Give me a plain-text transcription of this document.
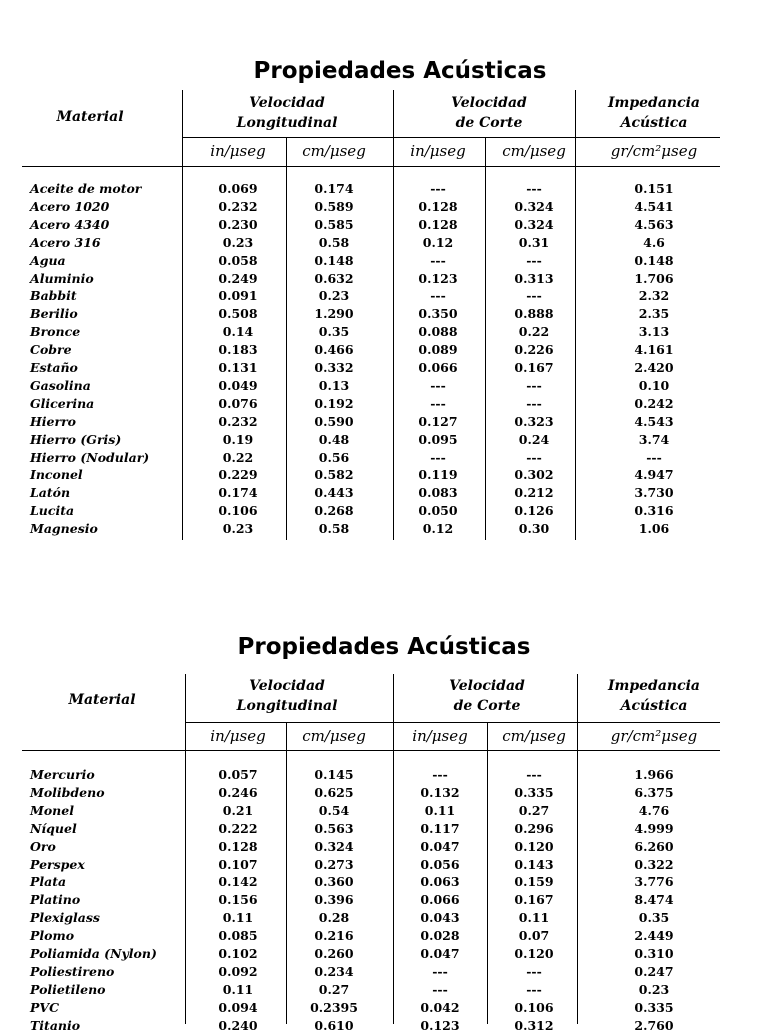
Propiedades Acústicas
Material
Velocidad
Longitudinal
Velocidad
de Corte
Impedancia
Acústica
in/μseg	cm/μseg	in/μseg	cm/μseg	gr/cm²μseg
Aceite de motor	0.069	0.174	---	---	0.151
Acero 1020	0.232	0.589	0.128	0.324	4.541
Acero 4340	0.230	0.585	0.128	0.324	4.563
Acero 316	0.23	0.58	0.12	0.31	4.6
Agua	0.058	0.148	---	---	0.148
Aluminio	0.249	0.632	0.123	0.313	1.706
Babbit	0.091	0.23	---	---	2.32
Berilio	0.508	1.290	0.350	0.888	2.35
Bronce	0.14	0.35	0.088	0.22	3.13
Cobre	0.183	0.466	0.089	0.226	4.161
Estaño	0.131	0.332	0.066	0.167	2.420
Gasolina	0.049	0.13	---	---	0.10
Glicerina	0.076	0.192	---	---	0.242
Hierro	0.232	0.590	0.127	0.323	4.543
Hierro (Gris)	0.19	0.48	0.095	0.24	3.74
Hierro (Nodular)	0.22	0.56	---	---	---
Inconel	0.229	0.582	0.119	0.302	4.947
Latón	0.174	0.443	0.083	0.212	3.730
Lucita	0.106	0.268	0.050	0.126	0.316
Magnesio	0.23	0.58	0.12	0.30	1.06
Propiedades Acústicas
Material
Velocidad
Longitudinal
Velocidad
de Corte
Impedancia
Acústica
in/μseg	cm/μseg	in/μseg	cm/μseg	gr/cm²μseg
Mercurio	0.057	0.145	---	---	1.966
Molibdeno	0.246	0.625	0.132	0.335	6.375
Monel	0.21	0.54	0.11	0.27	4.76
Níquel	0.222	0.563	0.117	0.296	4.999
Oro	0.128	0.324	0.047	0.120	6.260
Perspex	0.107	0.273	0.056	0.143	0.322
Plata	0.142	0.360	0.063	0.159	3.776
Platino	0.156	0.396	0.066	0.167	8.474
Plexiglass	0.11	0.28	0.043	0.11	0.35
Plomo	0.085	0.216	0.028	0.07	2.449
Poliamida (Nylon)	0.102	0.260	0.047	0.120	0.310
Poliestireno	0.092	0.234	---	---	0.247
Polietileno	0.11	0.27	---	---	0.23
PVC	0.094	0.2395	0.042	0.106	0.335
Titanio	0.240	0.610	0.123	0.312	2.760
